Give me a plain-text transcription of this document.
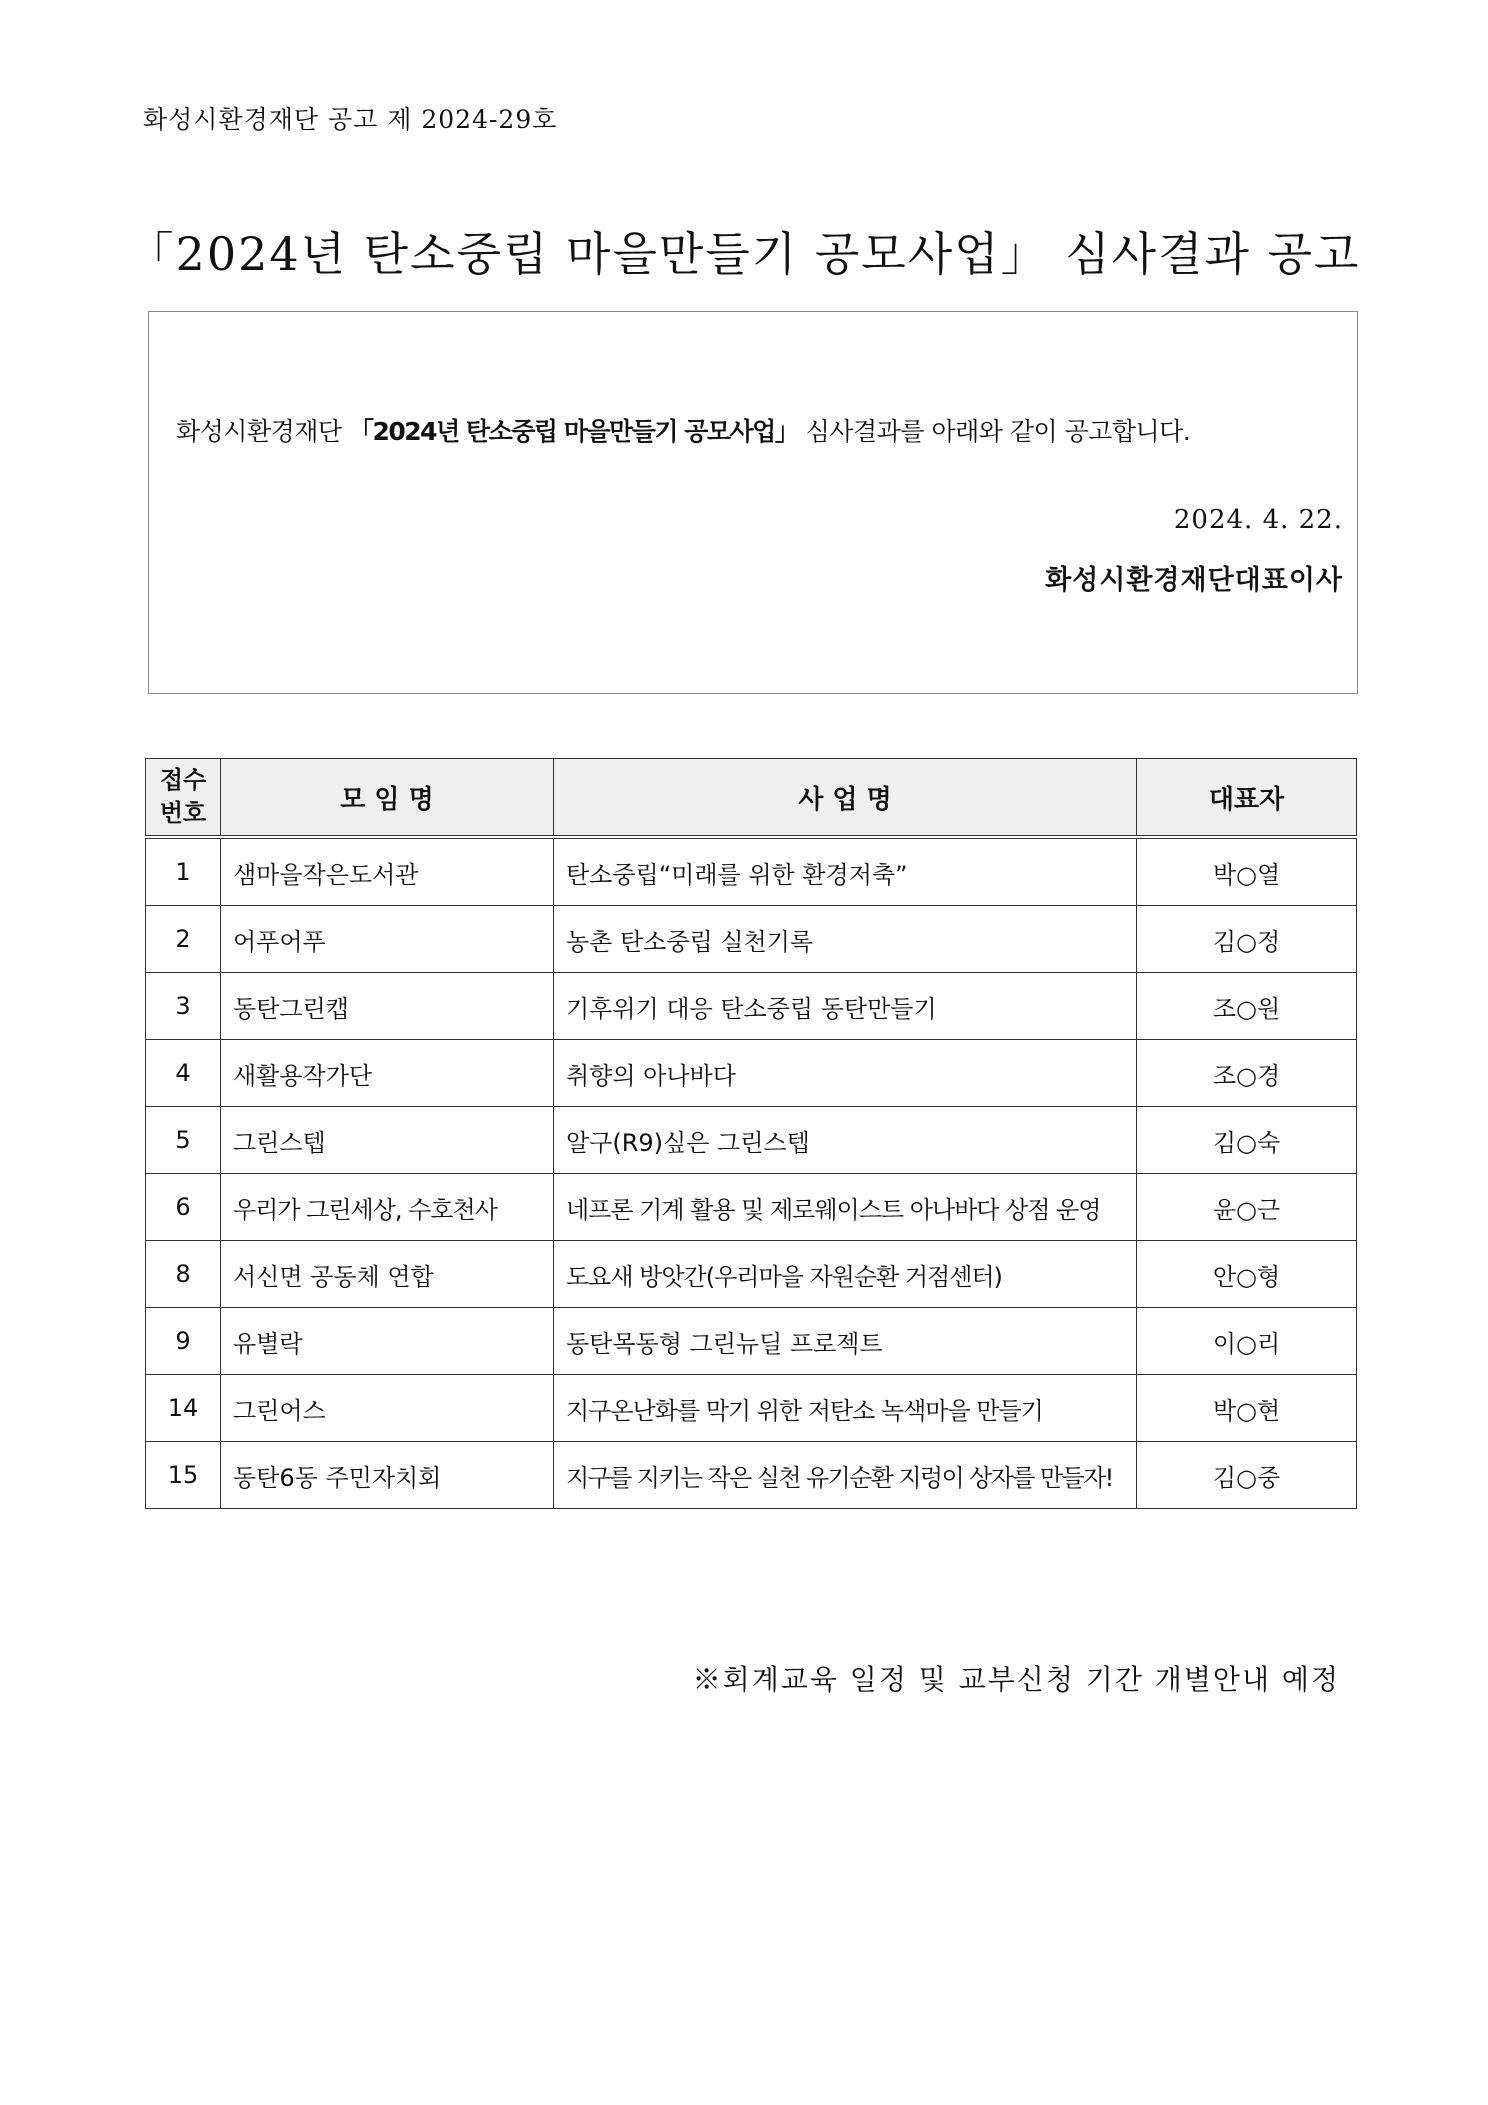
화성시환경재단 공고 제 2024-29호
「2024년 탄소중립 마을만들기 공모사업」 심사결과 공고
화성시환경재단 「2024년 탄소중립 마을만들기 공모사업」 심사결과를 아래와 같이 공고합니다.
2024. 4. 22.
화성시환경재단대표이사
접수
번호	모 임 명	사 업 명	대표자
1	샘마을작은도서관	탄소중립“미래를 위한 환경저축”	박○열
2	어푸어푸	농촌 탄소중립 실천기록	김○정
3	동탄그린캡	기후위기 대응 탄소중립 동탄만들기	조○원
4	새활용작가단	취향의 아나바다	조○경
5	그린스텝	알구(R9)싶은 그린스텝	김○숙
6	우리가 그린세상, 수호천사	네프론 기계 활용 및 제로웨이스트 아나바다 상점 운영	윤○근
8	서신면 공동체 연합	도요새 방앗간(우리마을 자원순환 거점센터)	안○형
9	유별락	동탄목동형 그린뉴딜 프로젝트	이○리
14	그린어스	지구온난화를 막기 위한 저탄소 녹색마을 만들기	박○현
15	동탄6동 주민자치회	지구를 지키는 작은 실천 유기순환 지렁이 상자를 만들자!	김○중
※회계교육 일정 및 교부신청 기간 개별안내 예정
